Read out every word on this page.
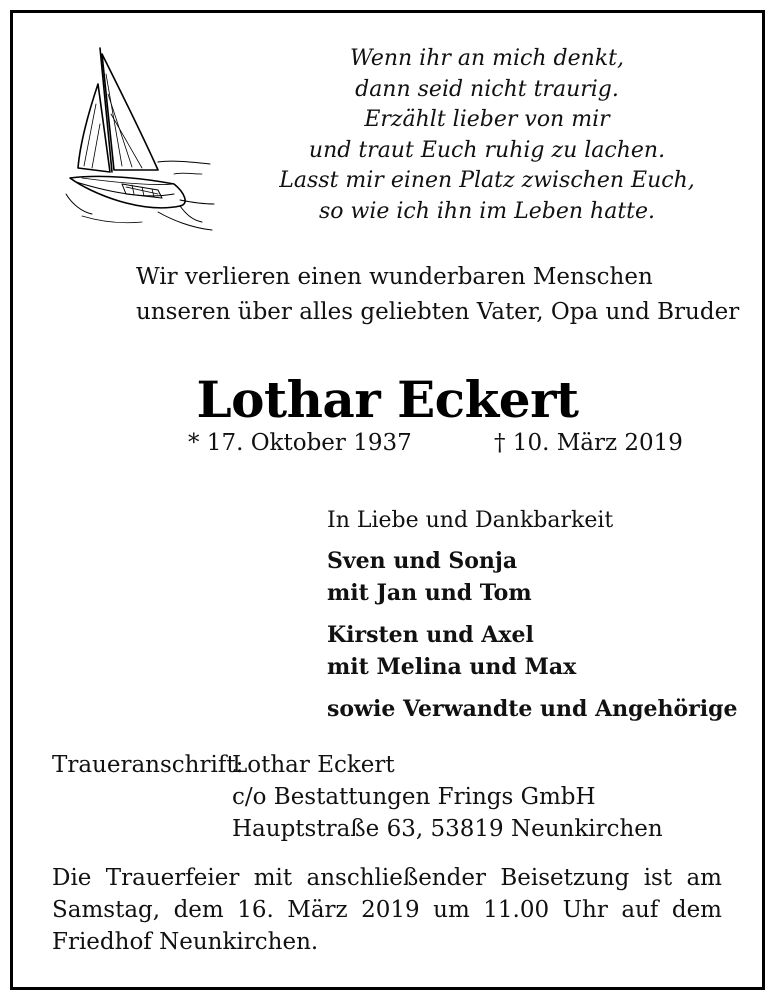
Wenn ihr an mich denkt,
dann seid nicht traurig.
Erzählt lieber von mir
und traut Euch ruhig zu lachen.
Lasst mir einen Platz zwischen Euch,
so wie ich ihn im Leben hatte.
Wir verlieren einen wunderbaren Menschen
unseren über alles geliebten Vater, Opa und Bruder
Lothar Eckert
* 17. Oktober 1937	† 10. März 2019
In Liebe und Dankbarkeit
Sven und Sonja
mit Jan und Tom
Kirsten und Axel
mit Melina und Max
sowie Verwandte und Angehörige
Traueranschrift:
Lothar Eckert
c/o Bestattungen Frings GmbH
Hauptstraße 63, 53819 Neunkirchen
Die Trauerfeier mit anschließender Beisetzung ist am Samstag, dem 16. März 2019 um 11.00 Uhr auf dem Friedhof Neunkirchen.
